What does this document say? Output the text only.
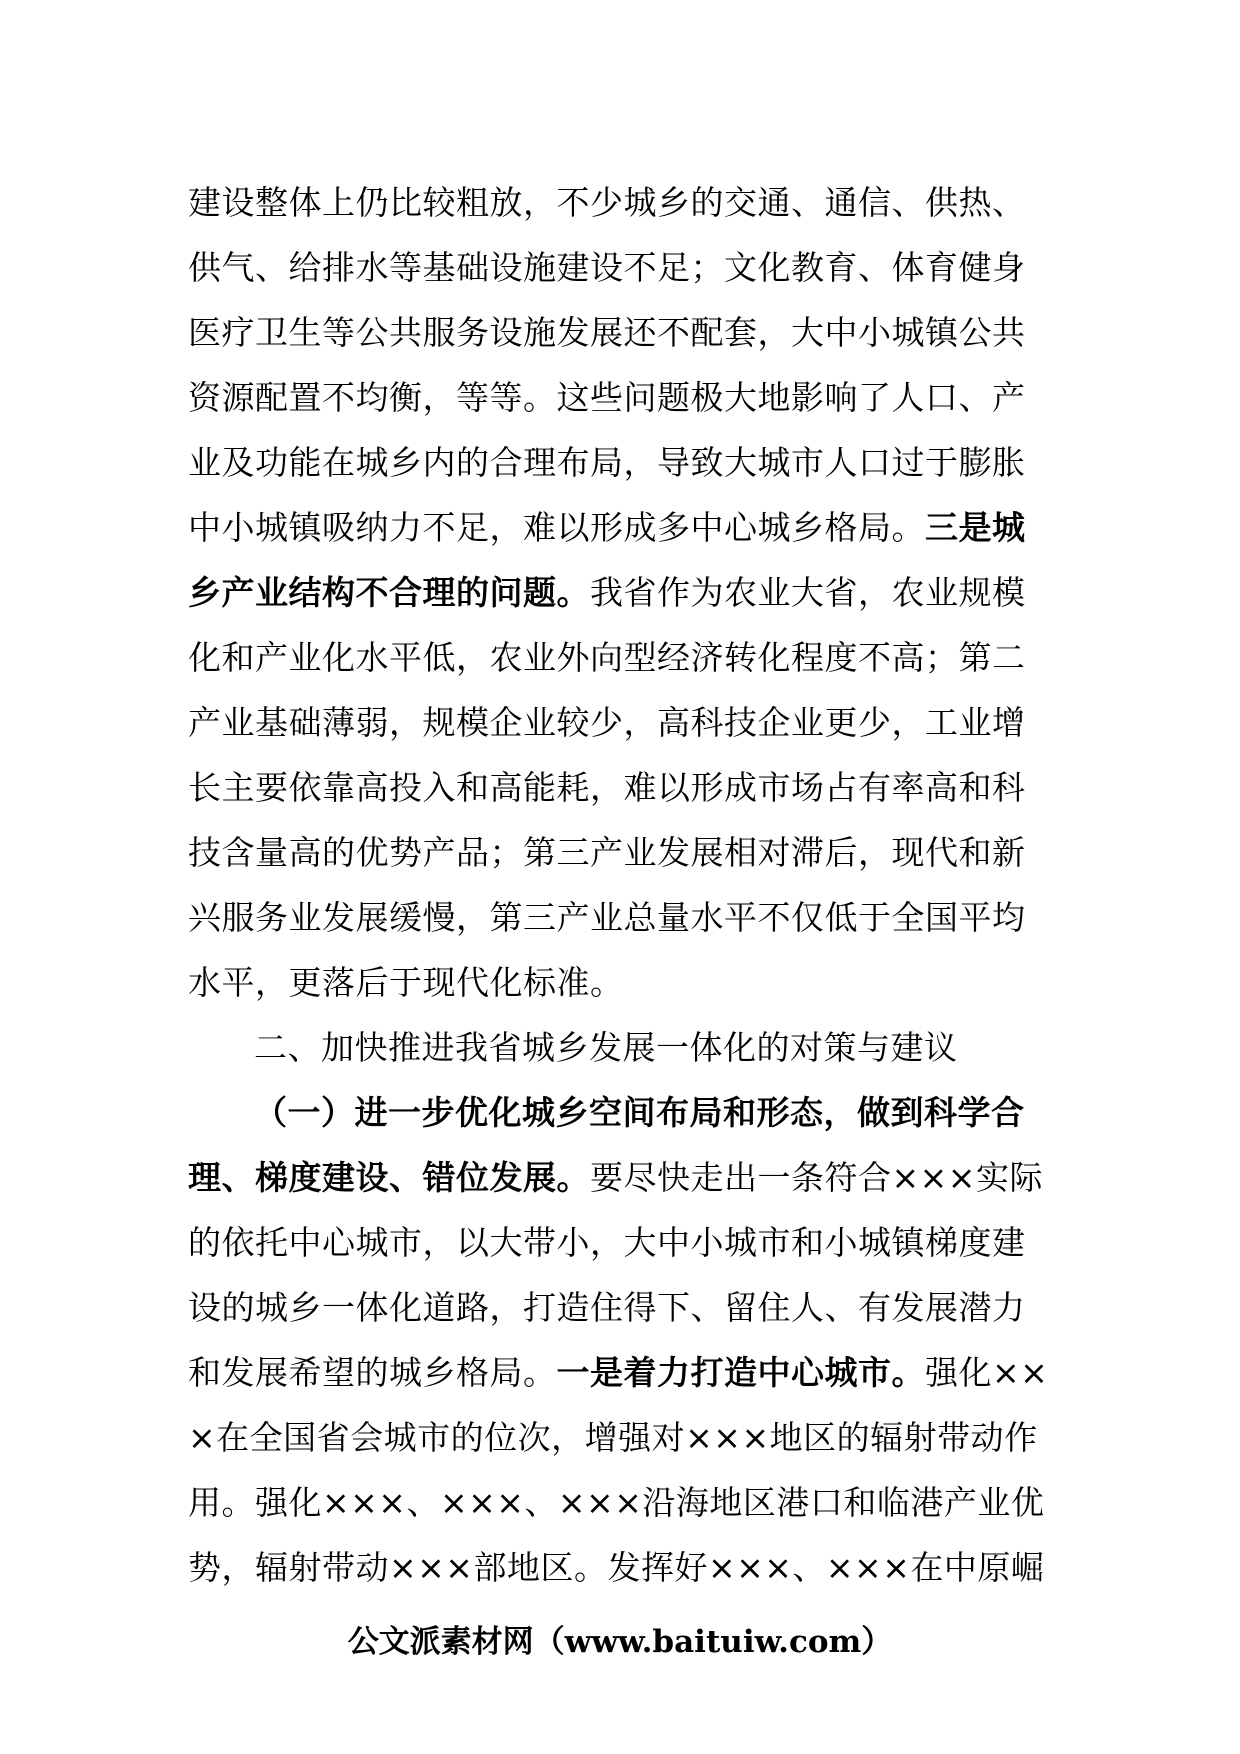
建设整体上仍比较粗放，不少城乡的交通、通信、供热、
供气、给排水等基础设施建设不足；文化教育、体育健身
医疗卫生等公共服务设施发展还不配套，大中小城镇公共
资源配置不均衡，等等。这些问题极大地影响了人口、产
业及功能在城乡内的合理布局，导致大城市人口过于膨胀
中小城镇吸纳力不足，难以形成多中心城乡格局。三是城
乡产业结构不合理的问题。我省作为农业大省，农业规模
化和产业化水平低，农业外向型经济转化程度不高；第二
产业基础薄弱，规模企业较少，高科技企业更少，工业增
长主要依靠高投入和高能耗，难以形成市场占有率高和科
技含量高的优势产品；第三产业发展相对滞后，现代和新
兴服务业发展缓慢，第三产业总量水平不仅低于全国平均
水平，更落后于现代化标准。
二、加快推进我省城乡发展一体化的对策与建议
（一）进一步优化城乡空间布局和形态，做到科学合
理、梯度建设、错位发展。要尽快走出一条符合×××实际
的依托中心城市，以大带小，大中小城市和小城镇梯度建
设的城乡一体化道路，打造住得下、留住人、有发展潜力
和发展希望的城乡格局。一是着力打造中心城市。强化××
×在全国省会城市的位次，增强对×××地区的辐射带动作
用。强化×××、×××、×××沿海地区港口和临港产业优
势，辐射带动×××部地区。发挥好×××、×××在中原崛
公文派素材网（www.baituiw.com）
